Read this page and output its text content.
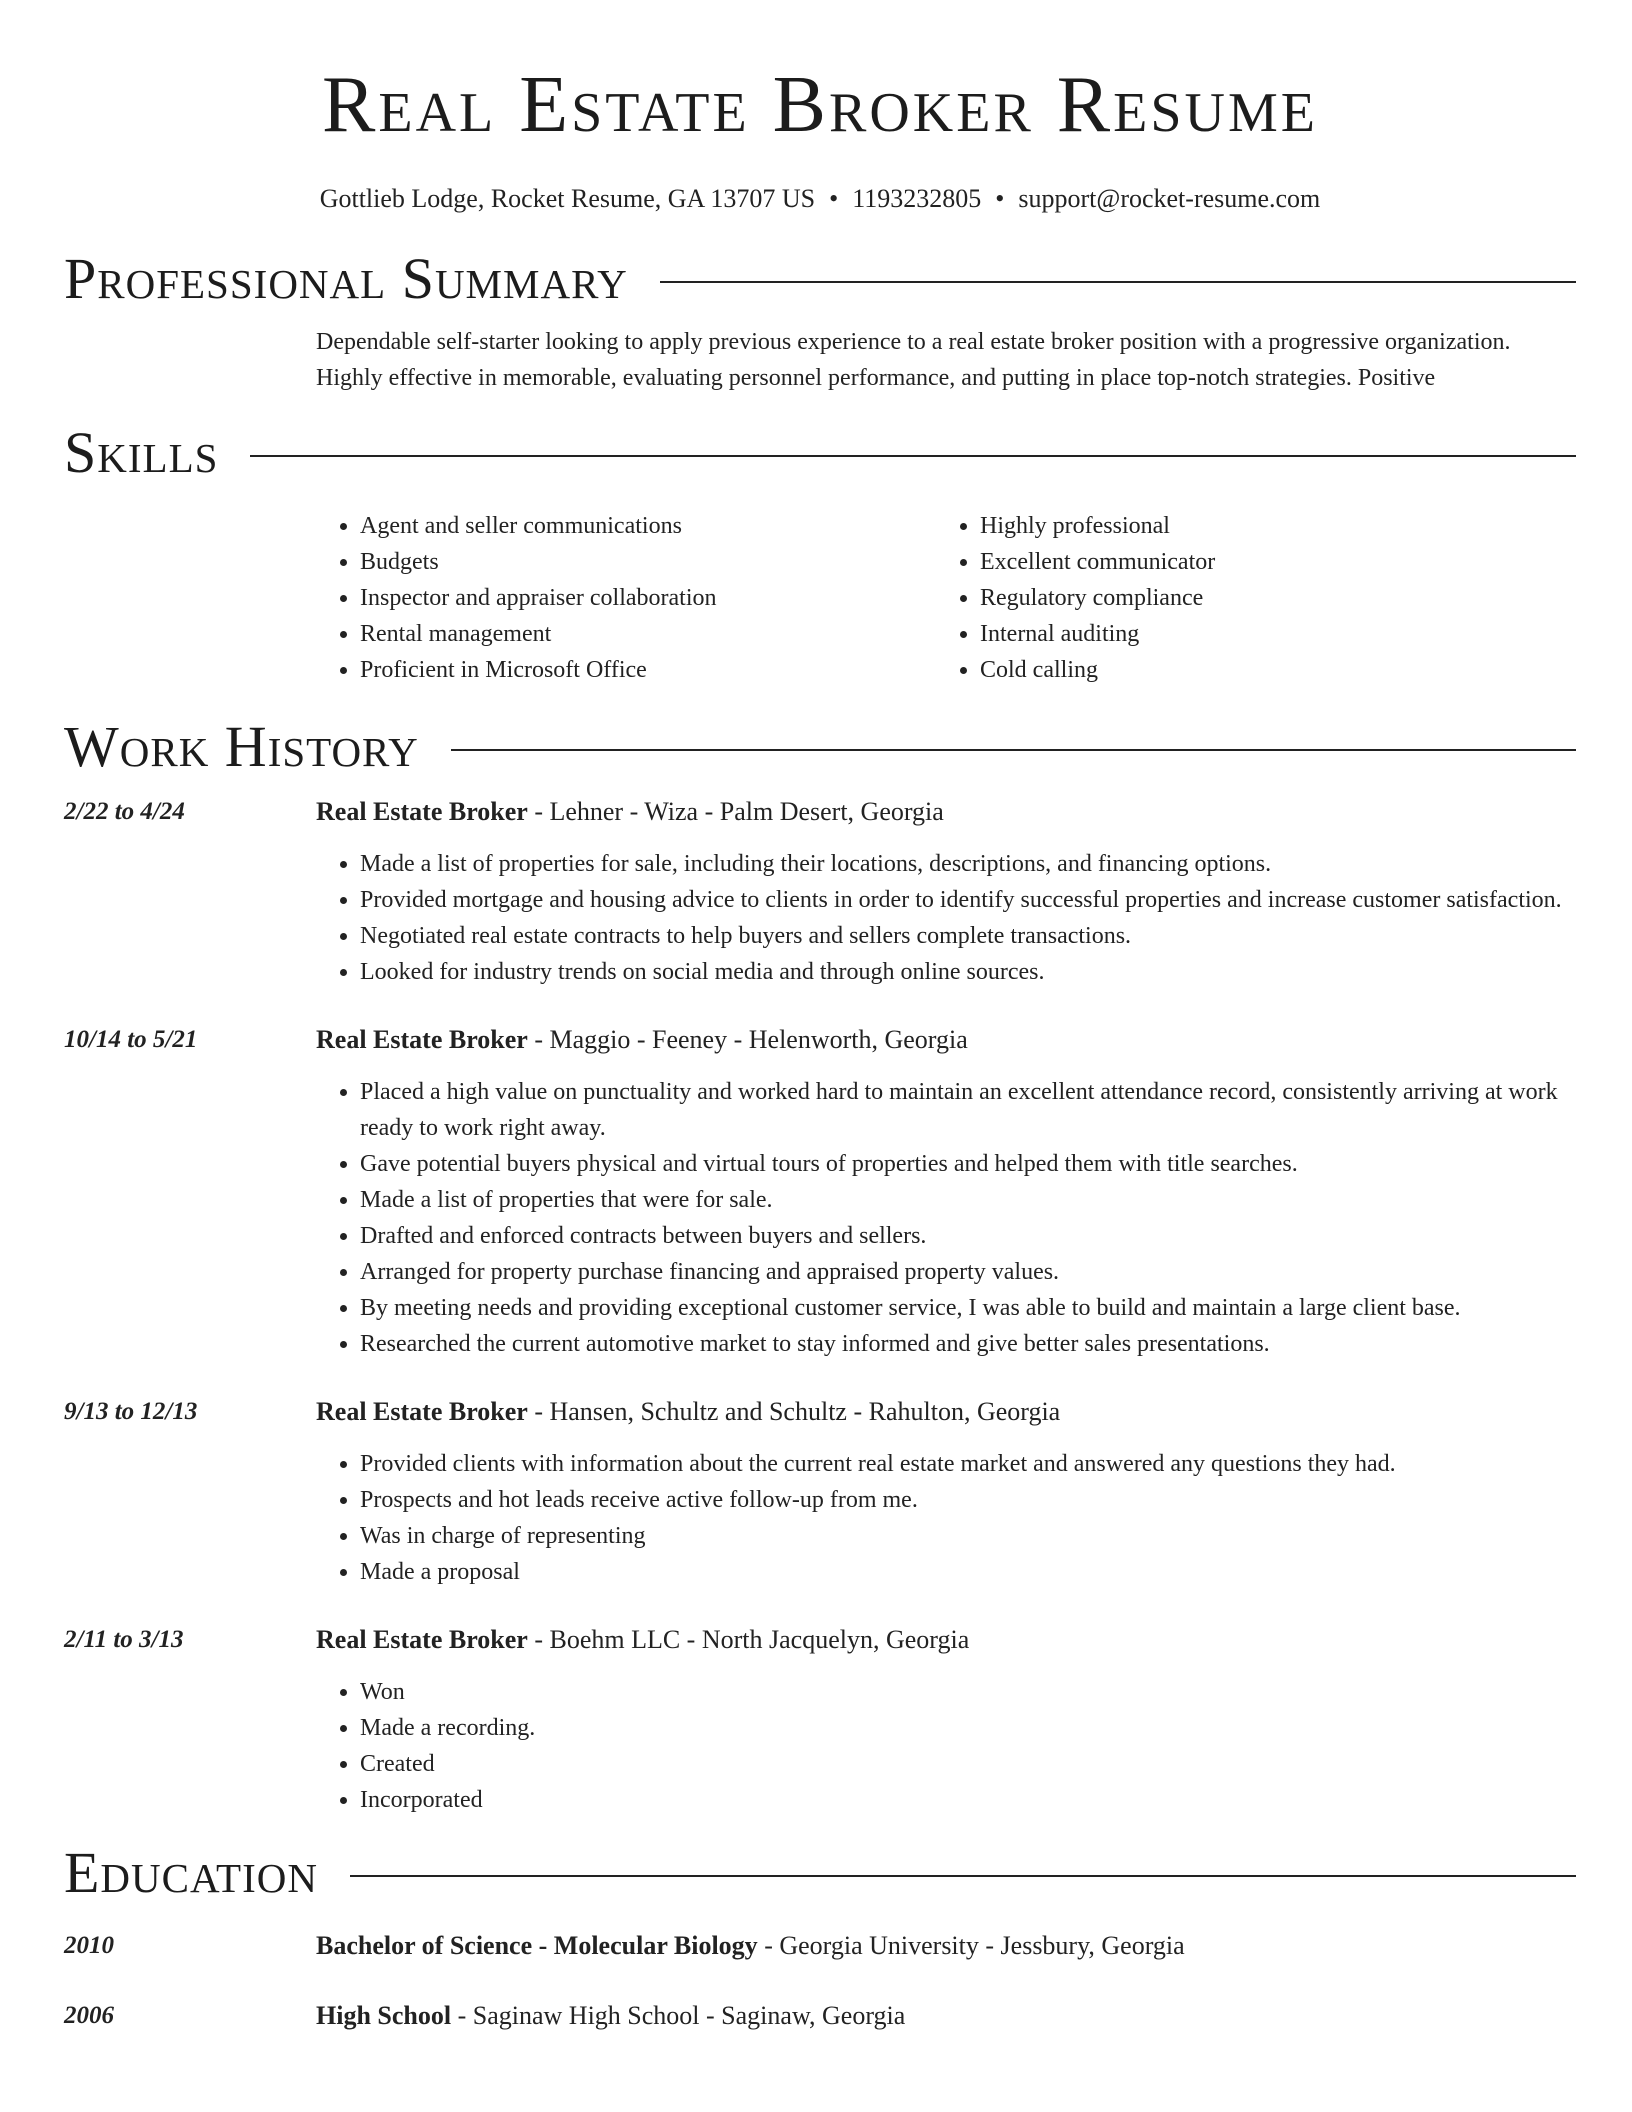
Real Estate Broker Resume
Gottlieb Lodge, Rocket Resume, GA 13707 US • 1193232805 • support@rocket-resume.com
Professional Summary
Dependable self-starter looking to apply previous experience to a real estate broker position with a progressive organization. Highly effective in memorable, evaluating personnel performance, and putting in place top-notch strategies. Positive
Skills
• Agent and seller communications
• Budgets
• Inspector and appraiser collaboration
• Rental management
• Proficient in Microsoft Office
• Highly professional
• Excellent communicator
• Regulatory compliance
• Internal auditing
• Cold calling
Work History
2/22 to 4/24	Real Estate Broker - Lehner - Wiza - Palm Desert, Georgia
• Made a list of properties for sale, including their locations, descriptions, and financing options.
• Provided mortgage and housing advice to clients in order to identify successful properties and increase customer satisfaction.
• Negotiated real estate contracts to help buyers and sellers complete transactions.
• Looked for industry trends on social media and through online sources.
10/14 to 5/21	Real Estate Broker - Maggio - Feeney - Helenworth, Georgia
• Placed a high value on punctuality and worked hard to maintain an excellent attendance record, consistently arriving at work ready to work right away.
• Gave potential buyers physical and virtual tours of properties and helped them with title searches.
• Made a list of properties that were for sale.
• Drafted and enforced contracts between buyers and sellers.
• Arranged for property purchase financing and appraised property values.
• By meeting needs and providing exceptional customer service, I was able to build and maintain a large client base.
• Researched the current automotive market to stay informed and give better sales presentations.
9/13 to 12/13	Real Estate Broker - Hansen, Schultz and Schultz - Rahulton, Georgia
• Provided clients with information about the current real estate market and answered any questions they had.
• Prospects and hot leads receive active follow-up from me.
• Was in charge of representing
• Made a proposal
2/11 to 3/13	Real Estate Broker - Boehm LLC - North Jacquelyn, Georgia
• Won
• Made a recording.
• Created
• Incorporated
Education
2010	Bachelor of Science - Molecular Biology - Georgia University - Jessbury, Georgia
2006	High School - Saginaw High School - Saginaw, Georgia
